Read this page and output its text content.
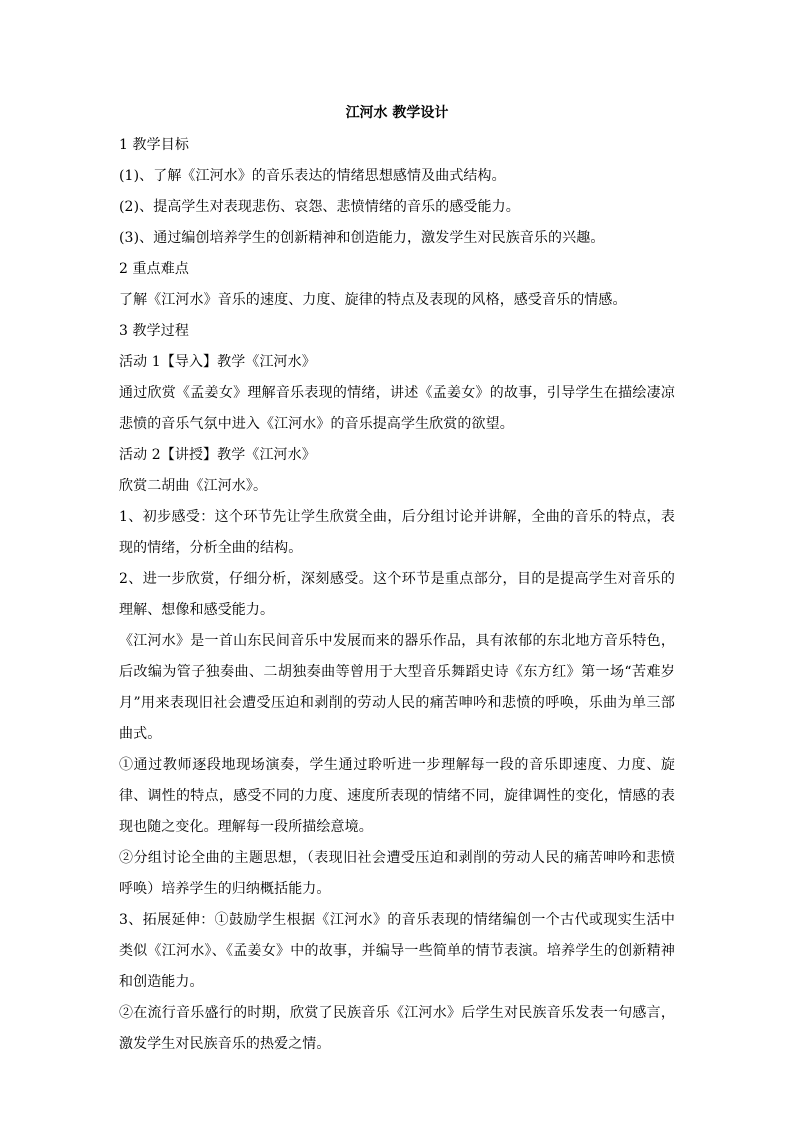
江河水 教学设计
1 教学目标
(1)、了解《江河水》的音乐表达的情绪思想感情及曲式结构。
(2)、提高学生对表现悲伤、哀怨、悲愤情绪的音乐的感受能力。
(3)、通过编创培养学生的创新精神和创造能力，激发学生对民族音乐的兴趣。
2 重点难点
了解《江河水》音乐的速度、力度、旋律的特点及表现的风格，感受音乐的情感。
3 教学过程
活动 1【导入】教学《江河水》
通过欣赏《孟姜女》理解音乐表现的情绪，讲述《孟姜女》的故事，引导学生在描绘凄凉悲愤的音乐气氛中进入《江河水》的音乐提高学生欣赏的欲望。
活动 2【讲授】教学《江河水》
欣赏二胡曲《江河水》。
1、初步感受：这个环节先让学生欣赏全曲，后分组讨论并讲解，全曲的音乐的特点，表现的情绪，分析全曲的结构。
2、进一步欣赏，仔细分析，深刻感受。这个环节是重点部分，目的是提高学生对音乐的理解、想像和感受能力。
《江河水》是一首山东民间音乐中发展而来的器乐作品，具有浓郁的东北地方音乐特色，后改编为管子独奏曲、二胡独奏曲等曾用于大型音乐舞蹈史诗《东方红》第一场“苦难岁月”用来表现旧社会遭受压迫和剥削的劳动人民的痛苦呻吟和悲愤的呼唤，乐曲为单三部曲式。
①通过教师逐段地现场演奏，学生通过聆听进一步理解每一段的音乐即速度、力度、旋律、调性的特点，感受不同的力度、速度所表现的情绪不同，旋律调性的变化，情感的表现也随之变化。理解每一段所描绘意境。
②分组讨论全曲的主题思想，（表现旧社会遭受压迫和剥削的劳动人民的痛苦呻吟和悲愤呼唤）培养学生的归纳概括能力。
3、拓展延伸：①鼓励学生根据《江河水》的音乐表现的情绪编创一个古代或现实生活中类似《江河水》、《孟姜女》中的故事，并编导一些简单的情节表演。培养学生的创新精神和创造能力。
②在流行音乐盛行的时期，欣赏了民族音乐《江河水》后学生对民族音乐发表一句感言，激发学生对民族音乐的热爱之情。
